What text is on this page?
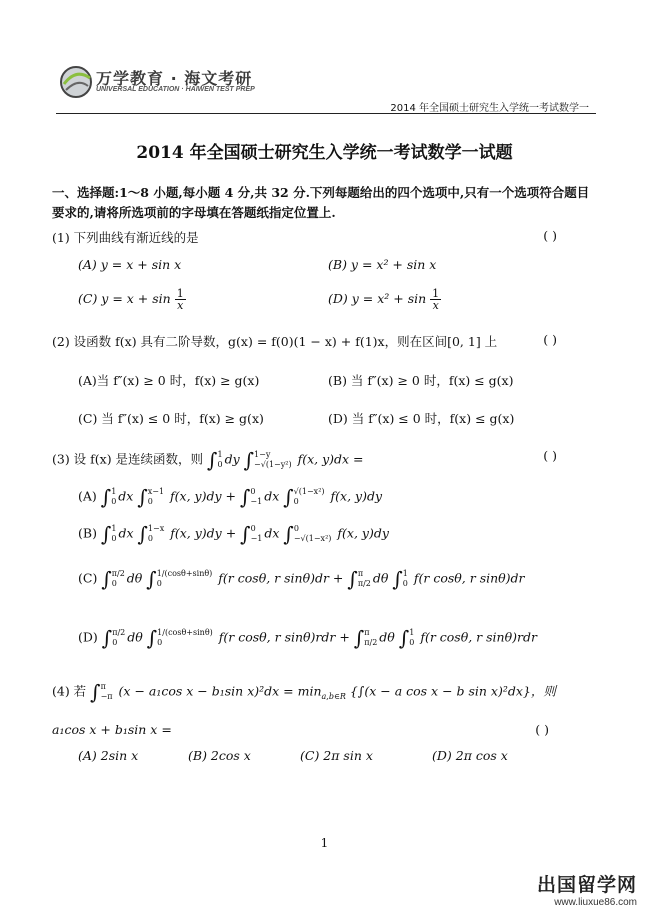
万学教育 · 海文考研
UNIVERSAL EDUCATION · HAIWEN TEST PREP
2014 年全国硕士研究生入学统一考试数学一
2014 年全国硕士研究生入学统一考试数学一试题
一、选择题:1～8 小题,每小题 4 分,共 32 分.下列每题给出的四个选项中,只有一个选项符合题目要求的,请将所选项前的字母填在答题纸指定位置上.
(1) 下列曲线有渐近线的是	( )
(A) y = x + sin x	(B) y = x² + sin x
(C) $y = x + \sin \frac{1}{x}$	(D) $y = x^2 + \sin \frac{1}{x}$
(2) 设函数 f(x) 具有二阶导数，g(x) = f(0)(1 − x) + f(1)x，则在区间[0, 1] 上	( )
(A)当 f″(x) ≥ 0 时，f(x) ≥ g(x)	(B) 当 f″(x) ≥ 0 时，f(x) ≤ g(x)
(C) 当 f″(x) ≤ 0 时，f(x) ≥ g(x)	(D) 当 f″(x) ≤ 0 时，f(x) ≤ g(x)
(3) 设 f(x) 是连续函数，则 ∫1
0 dy ∫1−y
−√(1−y²) f(x, y)dx =	( )
(A) ∫1
0 dx ∫x−1
0 f(x, y)dy + ∫0
−1 dx ∫√(1−x²)
0	f(x, y)dy
(B) ∫1
0 dx ∫1−x
0 f(x, y)dy + ∫0
−1 dx ∫0
−√(1−x²) f(x, y)dy
(C) ∫π/2
0 dθ ∫1/(cosθ+sinθ)
0	f(r cosθ, r sinθ)dr + ∫π
π/2 dθ ∫1
0 f(r cosθ, r sinθ)dr
(D) ∫π/2
0 dθ ∫1/(cosθ+sinθ)
0	f(r cosθ, r sinθ)rdr + ∫π
π/2 dθ ∫1
0 f(r cosθ, r sinθ)rdr
(4) 若 ∫π
−π (x − a₁cos x − b₁sin $x)^2dx = \min_{a,b\in R} \{\int(x - a$ cos x − b sin x)²dx}，则
a₁cos x + b₁sin x =	( )
(A) 2sin x	(B) 2cos x	(C) 2π sin x	(D) 2π cos x
1
出国留学网
www.liuxue86.com
